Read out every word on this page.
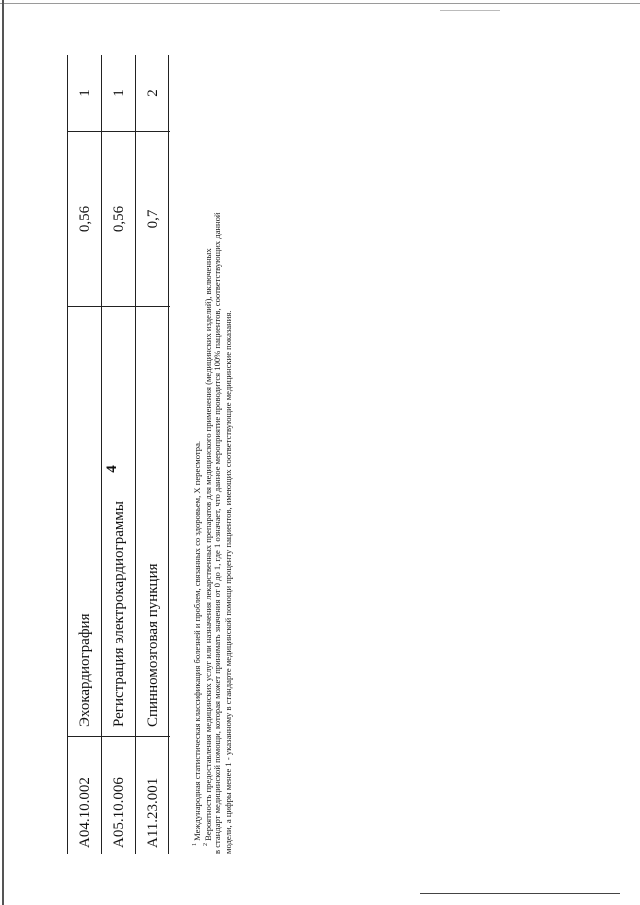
4
A04.10.002
Эхокардиография
0,56
1
A05.10.006
Регистрация электрокардиограммы
0,56
1
A11.23.001
Спинномозговая пункция
0,7
2
$^1$ Международная статистическая классификация болезней и проблем, связанных со здоровьем, X пересмотра.
$^2$ Вероятность предоставления медицинских услуг или назначения лекарственных препаратов для медицинского применения (медицинских изделий), включенных в стандарт медицинской помощи, которая может принимать значения от 0 до 1, где 1 означает, что данное мероприятие проводится 100% пациентов, соответствующих данной модели, а цифры менее 1 - указанному в стандарте медицинской помощи проценту пациентов, имеющих соответствующие медицинские показания.
